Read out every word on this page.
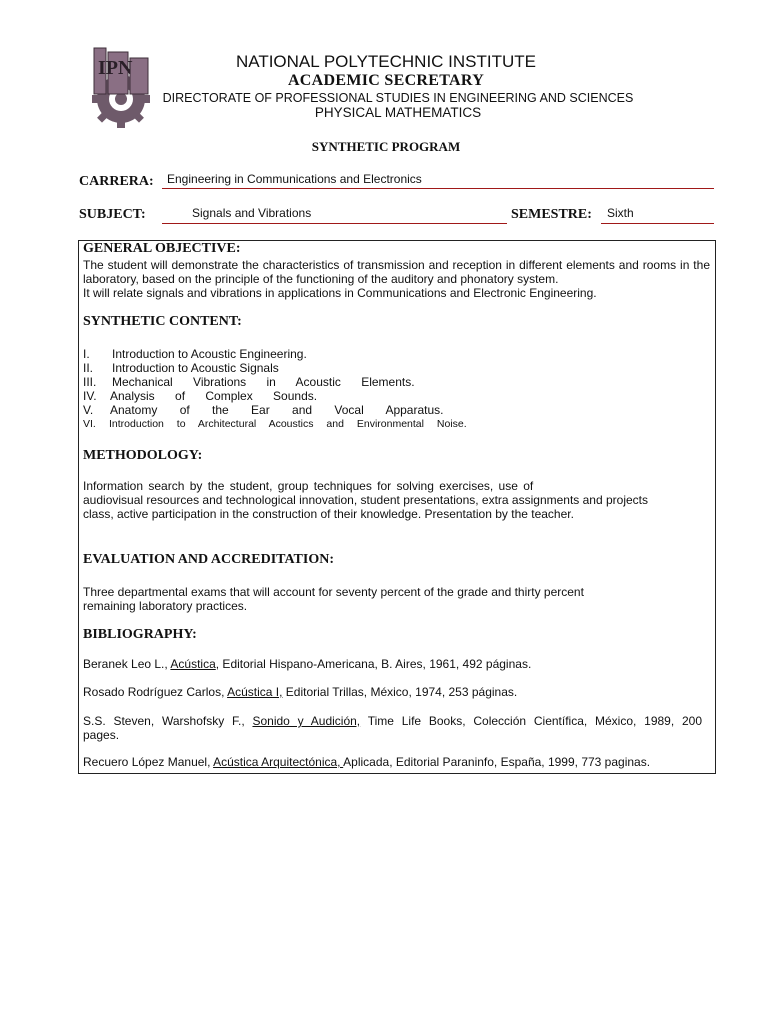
IPN	NATIONAL POLYTECHNIC INSTITUTE
ACADEMIC SECRETARY
DIRECTORATE OF PROFESSIONAL STUDIES IN ENGINEERING AND SCIENCES
PHYSICAL MATHEMATICS
SYNTHETIC PROGRAM
CARRERA: Engineering in Communications and Electronics
SUBJECT:	Signals and Vibrations	SEMESTRE: Sixth
GENERAL OBJECTIVE:
The student will demonstrate the characteristics of transmission and reception in different elements and rooms in the
laboratory, based on the principle of the functioning of the auditory and phonatory system.
It will relate signals and vibrations in applications in Communications and Electronic Engineering.
SYNTHETIC CONTENT:
I. Introduction to Acoustic Engineering.
II. Introduction to Acoustic Signals
III. Mechanical Vibrations in Acoustic Elements.
IV. Analysis of Complex Sounds.
V. Anatomy of the Ear and Vocal Apparatus.
VI. Introduction to Architectural Acoustics and Environmental Noise.
METHODOLOGY:
Information search by the student, group techniques for solving exercises, use of
audiovisual resources and technological innovation, student presentations, extra assignments and projects
class, active participation in the construction of their knowledge. Presentation by the teacher.
EVALUATION AND ACCREDITATION:
Three departmental exams that will account for seventy percent of the grade and thirty percent
remaining laboratory practices.
BIBLIOGRAPHY:
Beranek Leo L., Acústica, Editorial Hispano-Americana, B. Aires, 1961, 492 páginas.
Rosado Rodríguez Carlos, Acústica I, Editorial Trillas, México, 1974, 253 páginas.
S.S. Steven, Warshofsky F., Sonido y Audición, Time Life Books, Colección Científica, México, 1989, 200
pages.
Recuero López Manuel, Acústica Arquitectónica, Aplicada, Editorial Paraninfo, España, 1999, 773 paginas.
